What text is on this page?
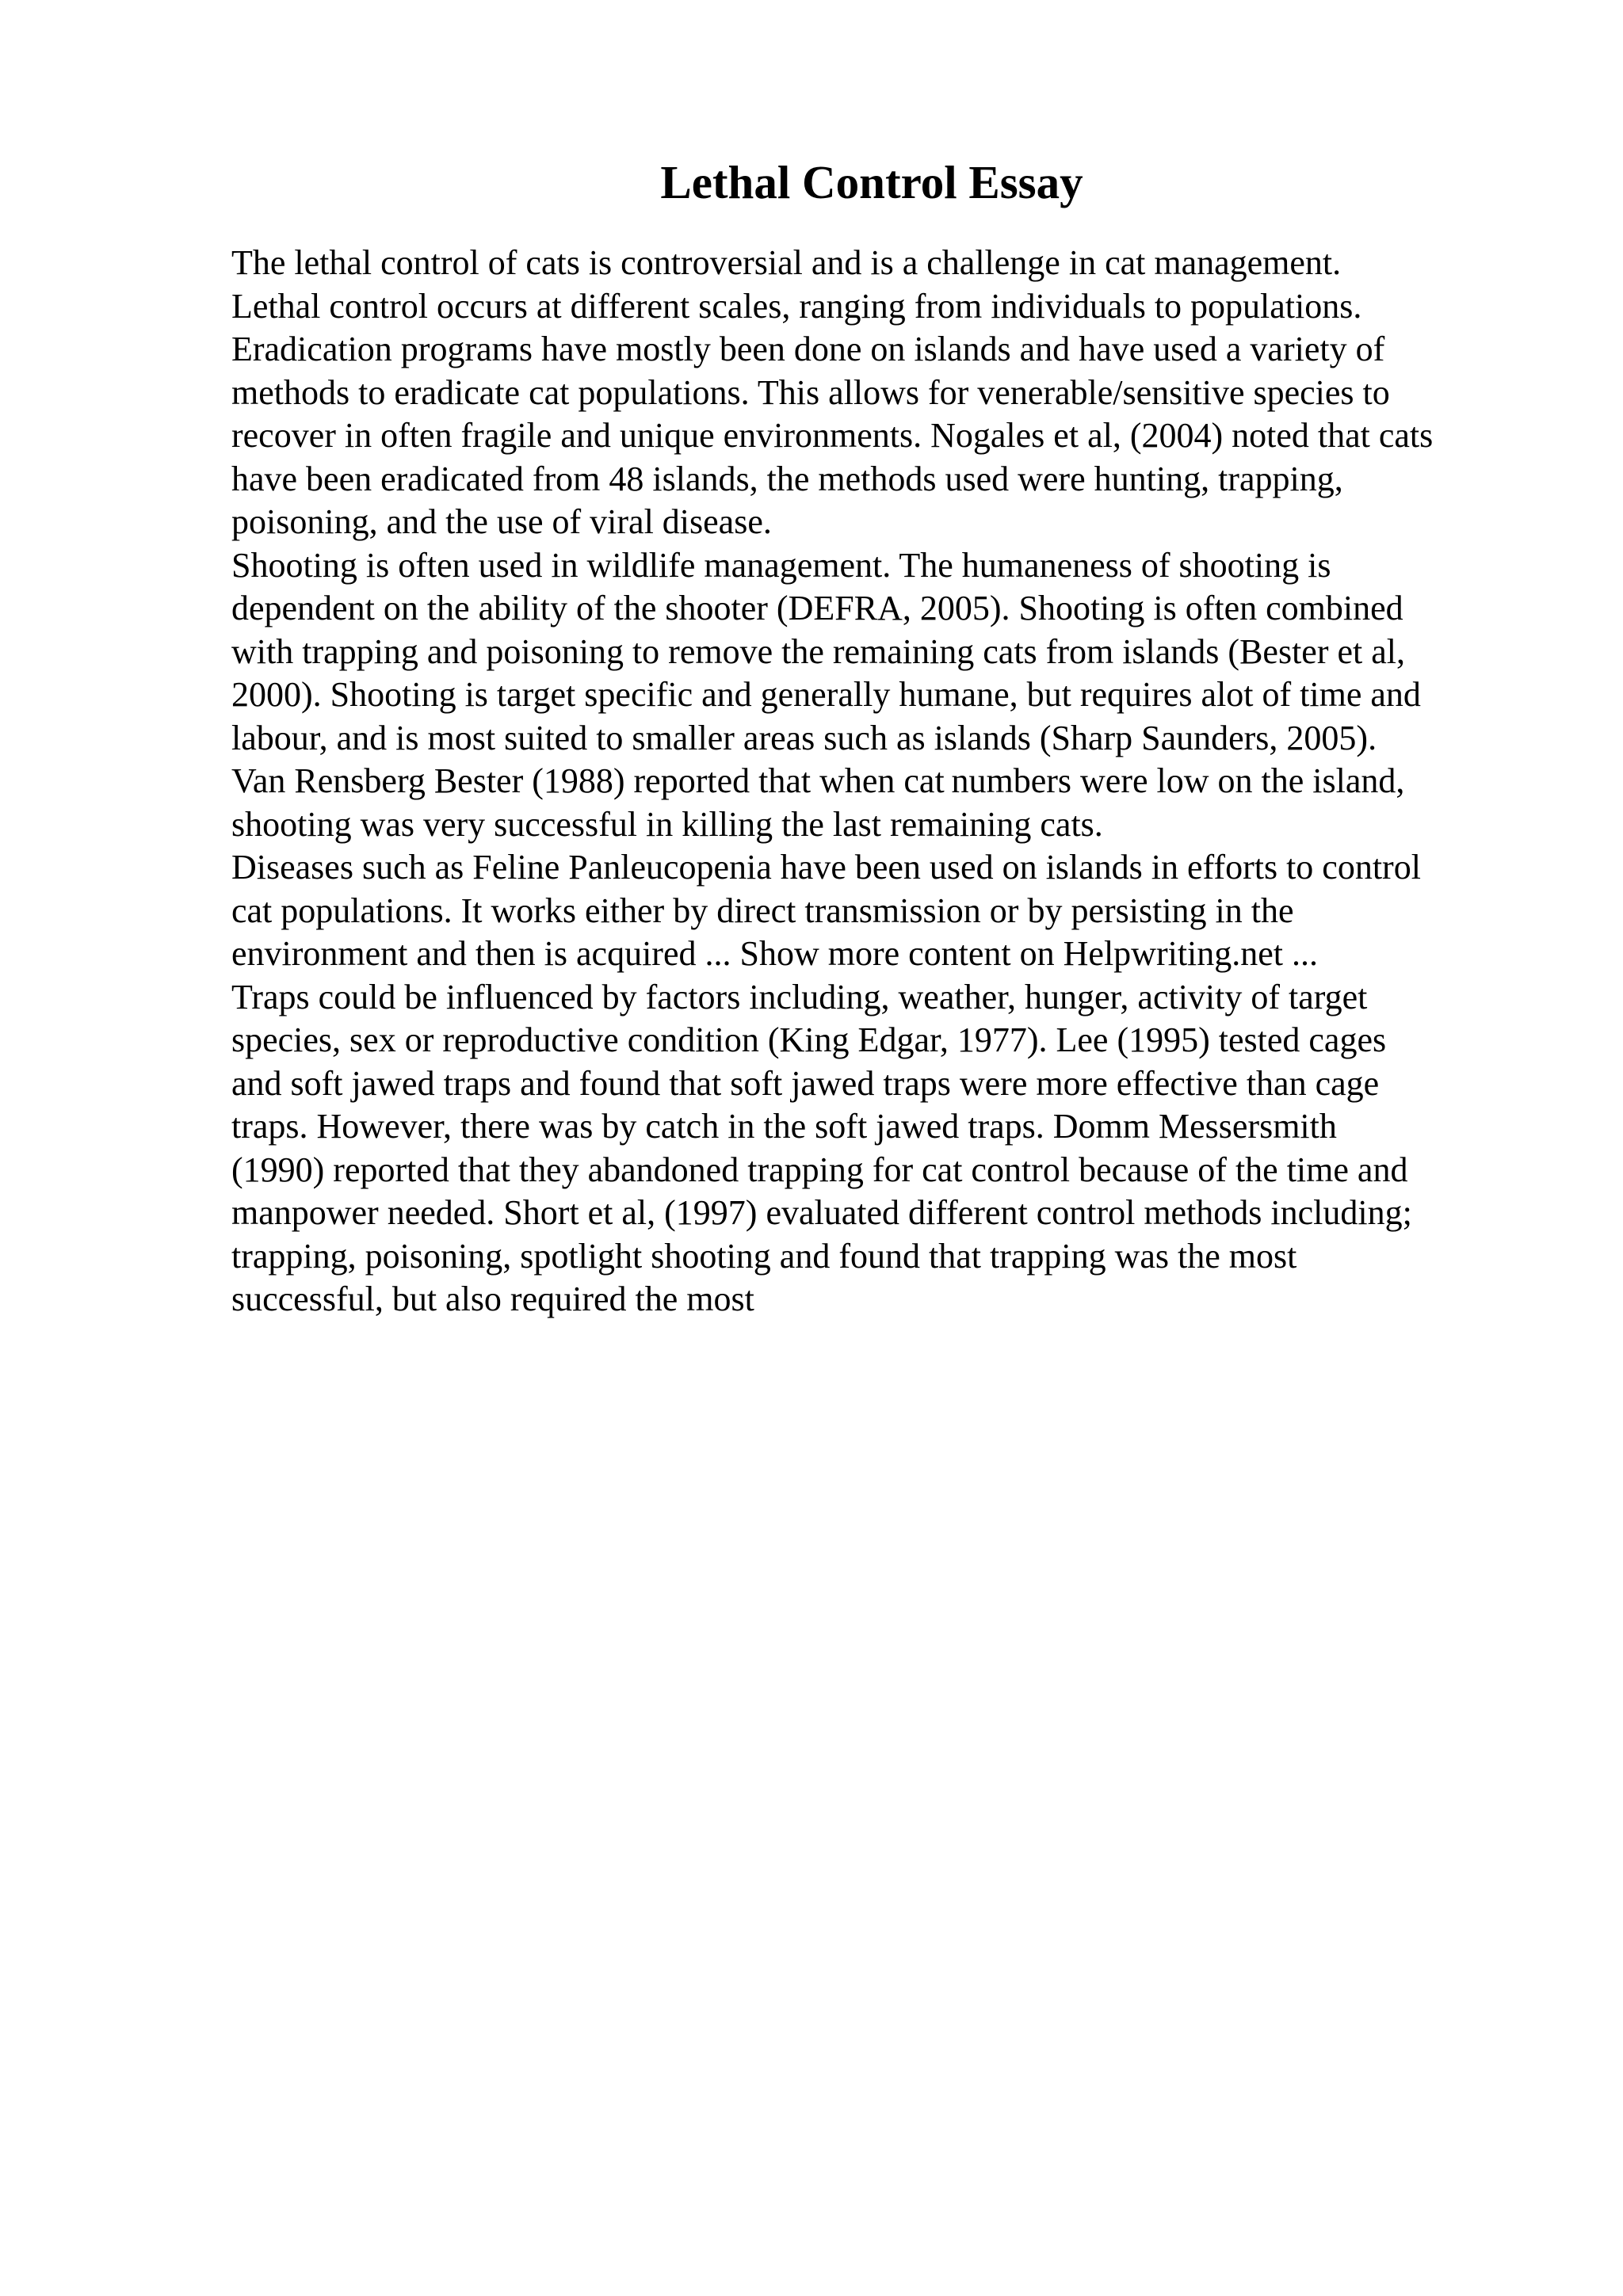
Lethal Control Essay
The lethal control of cats is controversial and is a challenge in cat management.
Lethal control occurs at different scales, ranging from individuals to populations.
Eradication programs have mostly been done on islands and have used a variety of
methods to eradicate cat populations. This allows for venerable/sensitive species to
recover in often fragile and unique environments. Nogales et al, (2004) noted that cats
have been eradicated from 48 islands, the methods used were hunting, trapping,
poisoning, and the use of viral disease.
Shooting is often used in wildlife management. The humaneness of shooting is
dependent on the ability of the shooter (DEFRA, 2005). Shooting is often combined
with trapping and poisoning to remove the remaining cats from islands (Bester et al,
2000). Shooting is target specific and generally humane, but requires alot of time and
labour, and is most suited to smaller areas such as islands (Sharp Saunders, 2005).
Van Rensberg Bester (1988) reported that when cat numbers were low on the island,
shooting was very successful in killing the last remaining cats.
Diseases such as Feline Panleucopenia have been used on islands in efforts to control
cat populations. It works either by direct transmission or by persisting in the
environment and then is acquired ... Show more content on Helpwriting.net ...
Traps could be influenced by factors including, weather, hunger, activity of target
species, sex or reproductive condition (King Edgar, 1977). Lee (1995) tested cages
and soft jawed traps and found that soft jawed traps were more effective than cage
traps. However, there was by catch in the soft jawed traps. Domm Messersmith
(1990) reported that they abandoned trapping for cat control because of the time and
manpower needed. Short et al, (1997) evaluated different control methods including;
trapping, poisoning, spotlight shooting and found that trapping was the most
successful, but also required the most
